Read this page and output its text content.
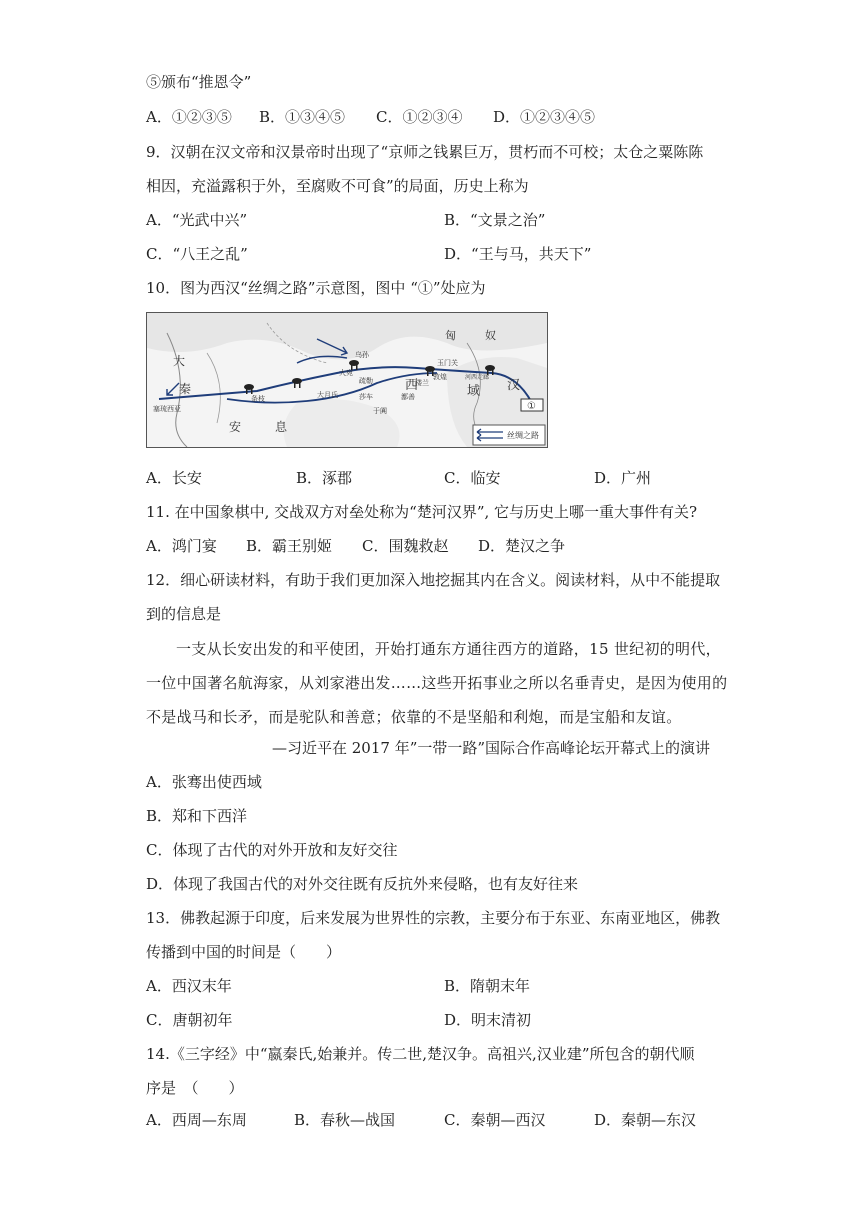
⑤颁布“推恩令”
A．①②③⑤ B．①③④⑤ C．①②③④ D．①②③④⑤
9．汉朝在汉文帝和汉景帝时出现了“京师之钱累巨万，贯朽而不可校；太仓之粟陈陈
相因，充溢露积于外，至腐败不可食”的局面，历史上称为
A．“光武中兴”	B．“文景之治”
C．“八王之乱”	D．“王与马，共天下”
10．图为西汉“丝绸之路”示意图，图中 “①”处应为
匈	奴
大
秦
安	息
西	域 汉
乌孙
大宛
疏勒
大月氏	莎车
于阗
玉门关
敦煌	河西走廊
楼兰
鄯善
条枝
塞琉西亚	①
丝绸之路
A．长安	B．涿郡	C．临安	D．广州
11. 在中国象棋中, 交战双方对垒处称为“楚河汉界”, 它与历史上哪一重大事件有关?
A．鸿门宴 B．霸王别姬 C．围魏救赵 D．楚汉之争
12．细心研读材料，有助于我们更加深入地挖掘其内在含义。阅读材料，从中不能提取
到的信息是
一支从长安出发的和平使团，开始打通东方通往西方的道路，15 世纪初的明代，
一位中国著名航海家，从刘家港出发……这些开拓事业之所以名垂青史，是因为使用的
不是战马和长矛，而是驼队和善意；依靠的不是坚船和利炮，而是宝船和友谊。
—习近平在 2017 年”一带一路”国际合作高峰论坛开幕式上的演讲
A．张骞出使西域
B．郑和下西洋
C．体现了古代的对外开放和友好交往
D．体现了我国古代的对外交往既有反抗外来侵略，也有友好往来
13．佛教起源于印度，后来发展为世界性的宗教，主要分布于东亚、东南亚地区，佛教
传播到中国的时间是（　　）
A．西汉末年	B．隋朝末年
C．唐朝初年	D．明末清初
14.《三字经》中“嬴秦氏,始兼并。传二世,楚汉争。高祖兴,汉业建”所包含的朝代顺
序是　（　　）
A．西周—东周	B．春秋—战国	C．秦朝—西汉	D．秦朝—东汉
